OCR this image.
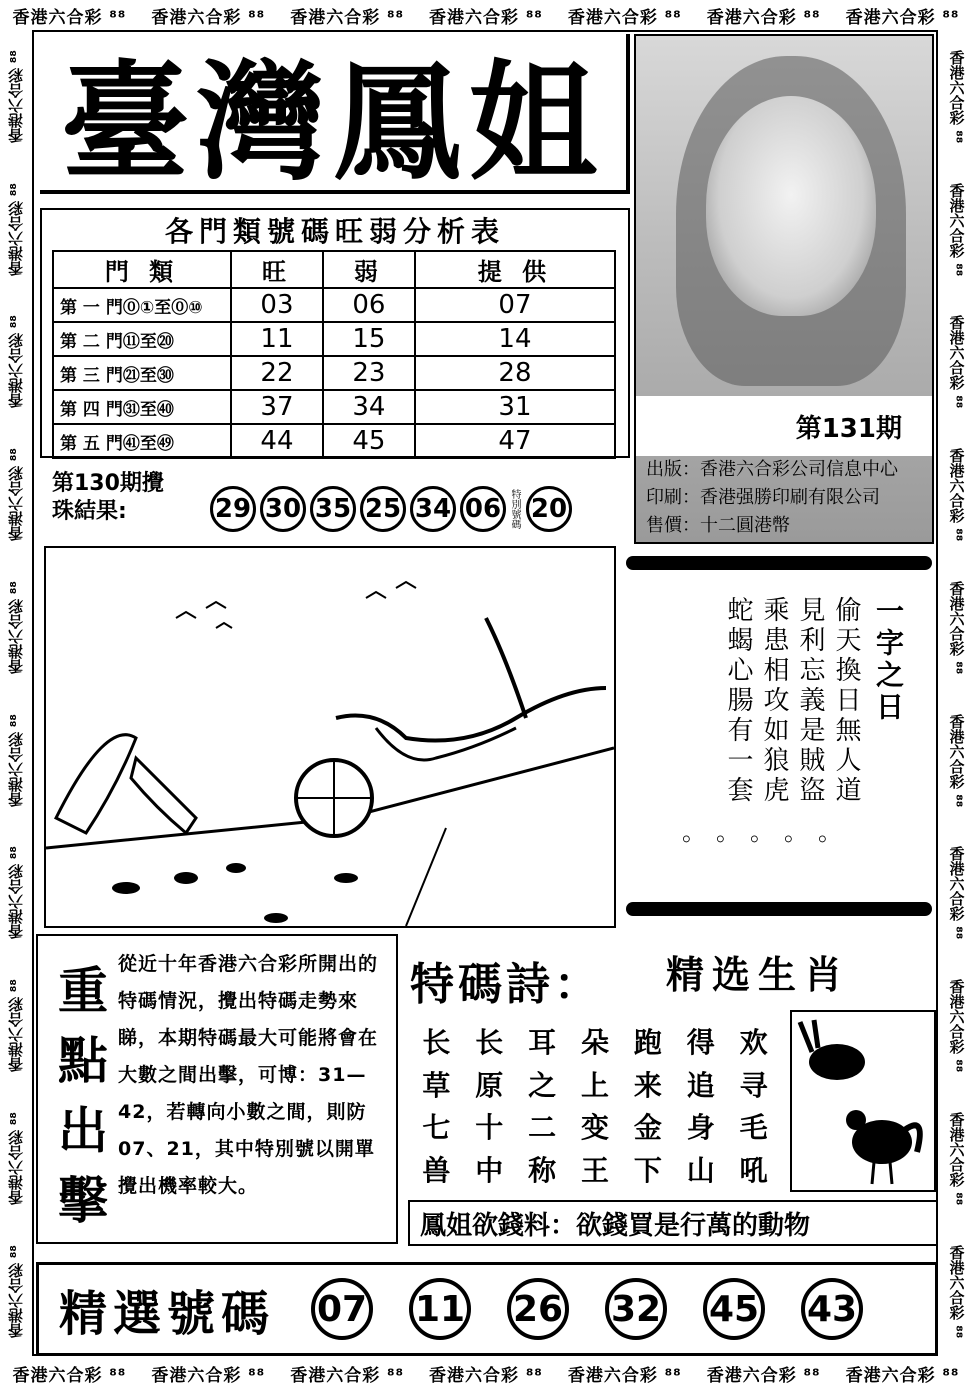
香港六合彩 ⁸⁸ 香港六合彩 ⁸⁸ 香港六合彩 ⁸⁸ 香港六合彩 ⁸⁸ 香港六合彩 ⁸⁸ 香港六合彩 ⁸⁸ 香港六合彩 ⁸⁸
香港六合彩 ⁸⁸ 香港六合彩 ⁸⁸ 香港六合彩 ⁸⁸ 香港六合彩 ⁸⁸ 香港六合彩 ⁸⁸ 香港六合彩 ⁸⁸ 香港六合彩 ⁸⁸
香港六合彩 ⁸⁸
香港六合彩 ⁸⁸
香港六合彩 ⁸⁸
香港六合彩 ⁸⁸
香港六合彩 ⁸⁸
香港六合彩 ⁸⁸
香港六合彩 ⁸⁸
香港六合彩 ⁸⁸
香港六合彩 ⁸⁸
香港六合彩 ⁸⁸
香港六合彩 ⁸⁸
香港六合彩 ⁸⁸
香港六合彩 ⁸⁸
香港六合彩 ⁸⁸
香港六合彩 ⁸⁸
香港六合彩 ⁸⁸
香港六合彩 ⁸⁸
香港六合彩 ⁸⁸
香港六合彩 ⁸⁸
香港六合彩 ⁸⁸
臺灣鳳姐
第131期
出版：香港六合彩公司信息中心
印刷：香港强勝印刷有限公司
售價：十二圓港幣
各門類號碼旺弱分析表
門 類	旺	弱	提 供
第 一 門⓪①至⓪⑩	03	06	07
第 二 門⑪至⑳	11	15	14
第 三 門㉑至㉚	22	23	28
第 四 門㉛至㊵	37	34	31
第 五 門㊶至㊾	44	45	47
第130期攪
珠結果:	29 30 35 25 34 06 特別號碼 20
一字之日
偷天換日無人道
見利忘義是賊盜
乘患相攻如狼虎
蛇蝎心腸有一套
。。。。。
重
點
出
擊
從近十年香港六合彩所開出的特碼情況，攪出特碼走勢來睇，本期特碼最大可能將會在大數之間出擊，可博：31—42，若轉向小數之間，則防 07、21，其中特別號以開單攪出機率較大。
特碼詩： 精选生肖
长 长 耳 朵 跑 得 欢
草 原 之 上 来 追 寻
七 十 二 变 金 身 毛
兽 中 称 王 下 山 吼
鳳姐欲錢料：欲錢買是行萬的動物
精選號碼 07 11 26 32 45 43
